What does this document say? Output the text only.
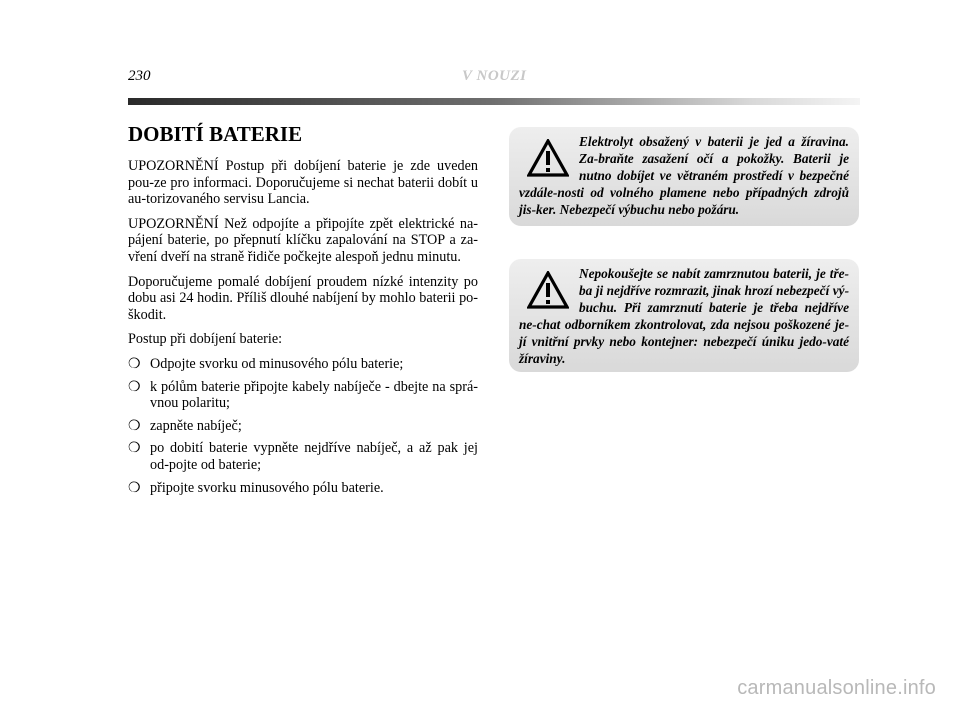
230	V NOUZI
DOBITÍ BATERIE

UPOZORNĚNÍ Postup při dobíjení baterie je zde uveden pou-ze pro informaci. Doporučujeme si nechat baterii dobít u au-torizovaného servisu Lancia.

UPOZORNĚNÍ Než odpojíte a připojíte zpět elektrické na-pájení baterie, po přepnutí klíčku zapalování na STOP a za-vření dveří na straně řidiče počkejte alespoň jednu minutu.

Doporučujeme pomalé dobíjení proudem nízké intenzity po dobu asi 24 hodin. Příliš dlouhé nabíjení by mohlo baterii po-škodit.

Postup při dobíjení baterie:

❍ Odpojte svorku od minusového pólu baterie;
❍ k pólům baterie připojte kabely nabíječe - dbejte na sprá-vnou polaritu;
❍ zapněte nabíječ;
❍ po dobití baterie vypněte nejdříve nabíječ, a až pak jej od-pojte od baterie;
❍ připojte svorku minusového pólu baterie.

Elektrolyt obsažený v baterii je jed a žíravina. Za-braňte zasažení očí a pokožky. Baterii je nutno dobíjet ve větraném prostředí v bezpečné vzdále-nosti od volného plamene nebo případných zdrojů jis-ker. Nebezpečí výbuchu nebo požáru.

Nepokoušejte se nabít zamrznutou baterii, je tře-ba ji nejdříve rozmrazit, jinak hrozí nebezpečí vý-buchu. Při zamrznutí baterie je třeba nejdříve ne-chat odborníkem zkontrolovat, zda nejsou poškozené je-jí vnitřní prvky nebo kontejner: nebezpečí úniku jedo-vaté žíraviny.

carmanualsonline.info
